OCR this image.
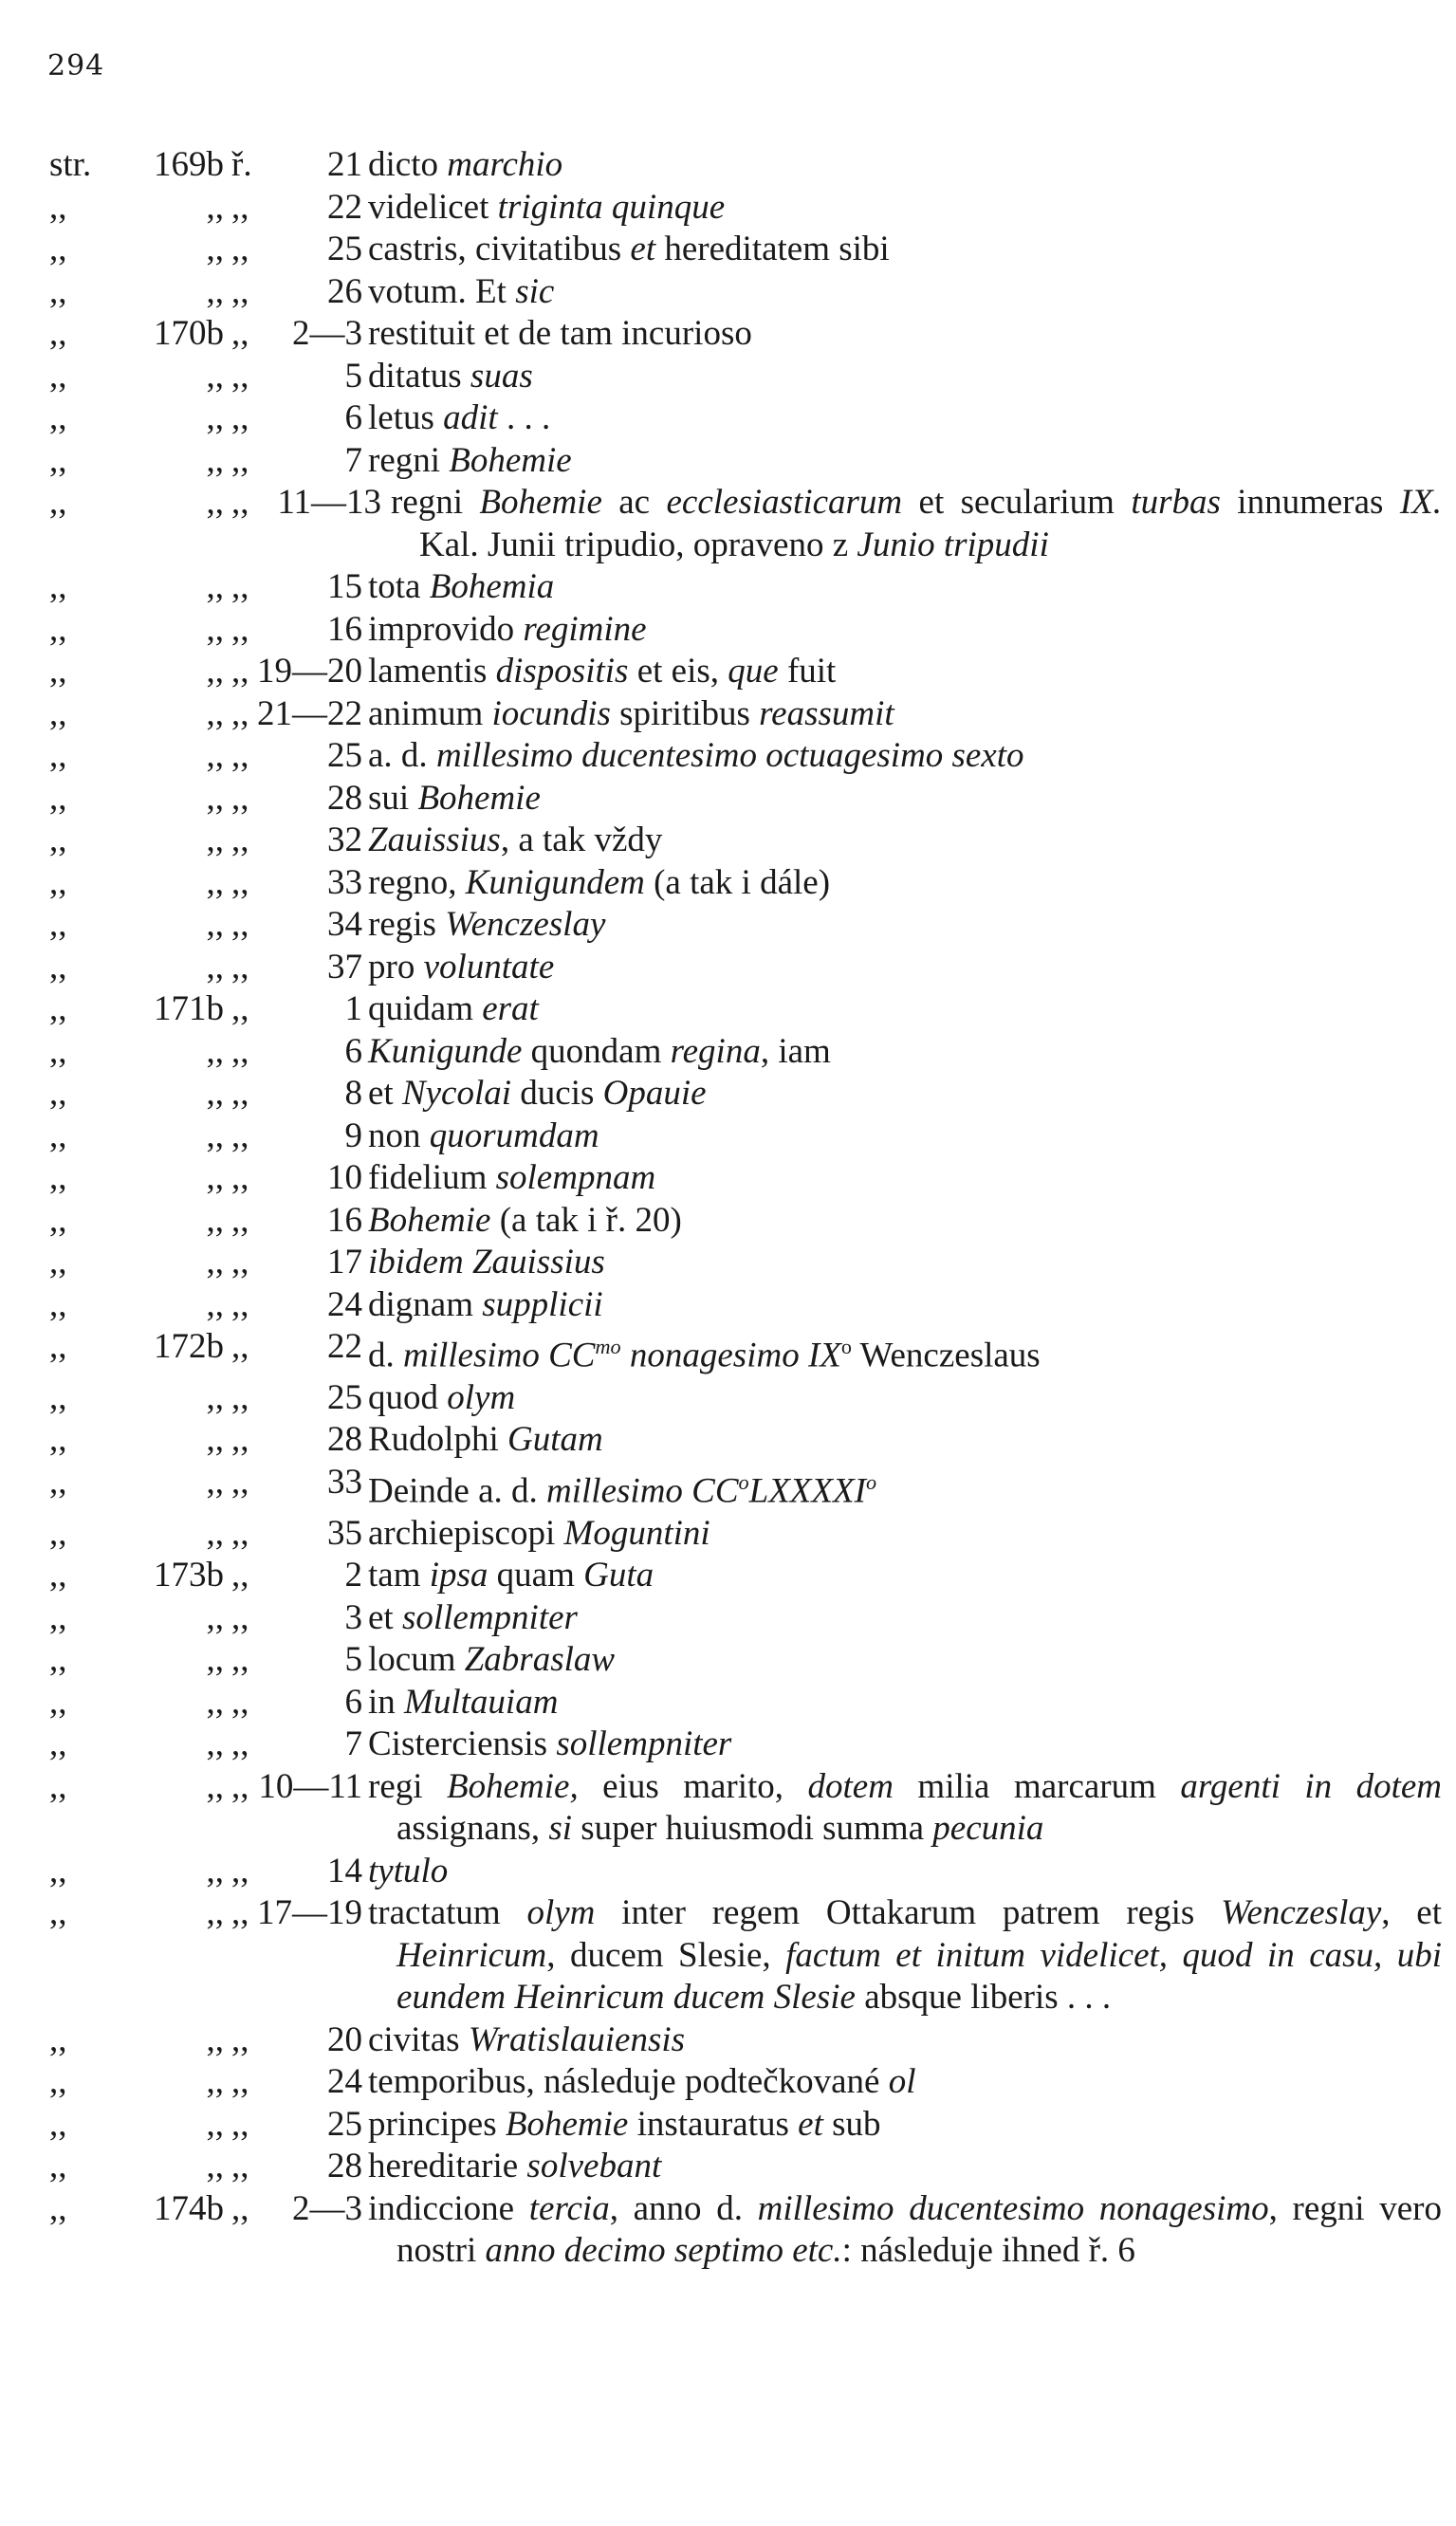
294
str.	169b ř.	21 dicto marchio
,,	,, ,,	22 videlicet triginta quinque
,,	,, ,,	25 castris, civitatibus et hereditatem sibi
,,	,, ,,	26 votum. Et sic
,,	170b ,,	2—3 restituit et de tam incurioso
,,	,, ,,	5 ditatus suas
,,	,, ,,	6 letus adit . . .
,,	,, ,,	7 regni Bohemie
,,	,, ,, 11—13 regni Bohemie ac ecclesiasticarum et secularium turbas innumeras IX. Kal. Junii tripudio, opraveno z Junio tripudii
,,	,, ,,	15 tota Bohemia
,,	,, ,,	16 improvido regimine
,,	,, ,, 19—20 lamentis dispositis et eis, que fuit
,,	,, ,, 21—22 animum iocundis spiritibus reassumit
,,	,, ,,	25 a. d. millesimo ducentesimo octuagesimo sexto
,,	,, ,,	28 sui Bohemie
,,	,, ,,	32 Zauissius, a tak vždy
,,	,, ,,	33 regno, Kunigundem (a tak i dále)
,,	,, ,,	34 regis Wenczeslay
,,	,, ,,	37 pro voluntate
,,	171b ,,	1 quidam erat
,,	,, ,,	6 Kunigunde quondam regina, iam
,,	,, ,,	8 et Nycolai ducis Opauie
,,	,, ,,	9 non quorumdam
,,	,, ,,	10 fidelium solempnam
,,	,, ,,	16 Bohemie (a tak i ř. 20)
,,	,, ,,	17 ibidem Zauissius
,,	,, ,,	24 dignam supplicii
,,	172b ,,	22 d. millesimo $CC^{mo}$ nonagesimo $IX^o$ Wenczeslaus
,,	,, ,,	25 quod olym
,,	,, ,,	28 Rudolphi Gutam
,,	,, ,,	33 Deinde a. d. millesimo $CC^oLXXXXI^o$
,,	,, ,,	35 archiepiscopi Moguntini
,,	173b ,,	2 tam ipsa quam Guta
,,	,, ,,	3 et sollempniter
,,	,, ,,	5 locum Zabraslaw
,,	,, ,,	6 in Multauiam
,,	,, ,,	7 Cisterciensis sollempniter
,,	,, ,, 10—11 regi Bohemie, eius marito, dotem milia marcarum argenti in dotem assignans, si super huiusmodi summa pecunia
,,	,, ,,	14 tytulo
,,	,, ,, 17—19 tractatum olym inter regem Ottakarum patrem regis Wenczeslay, et Heinricum, ducem Slesie, factum et initum videlicet, quod in casu, ubi eundem Heinricum ducem Slesie absque liberis . . .
,,	,, ,,	20 civitas Wratislauiensis
,,	,, ,,	24 temporibus, následuje podtečkované ol
,,	,, ,,	25 principes Bohemie instauratus et sub
,,	,, ,,	28 hereditarie solvebant
,,	174b ,,	2—3 indiccione tercia, anno d. millesimo ducentesimo nonagesimo, regni vero nostri anno decimo septimo etc.: následuje ihned ř. 6
